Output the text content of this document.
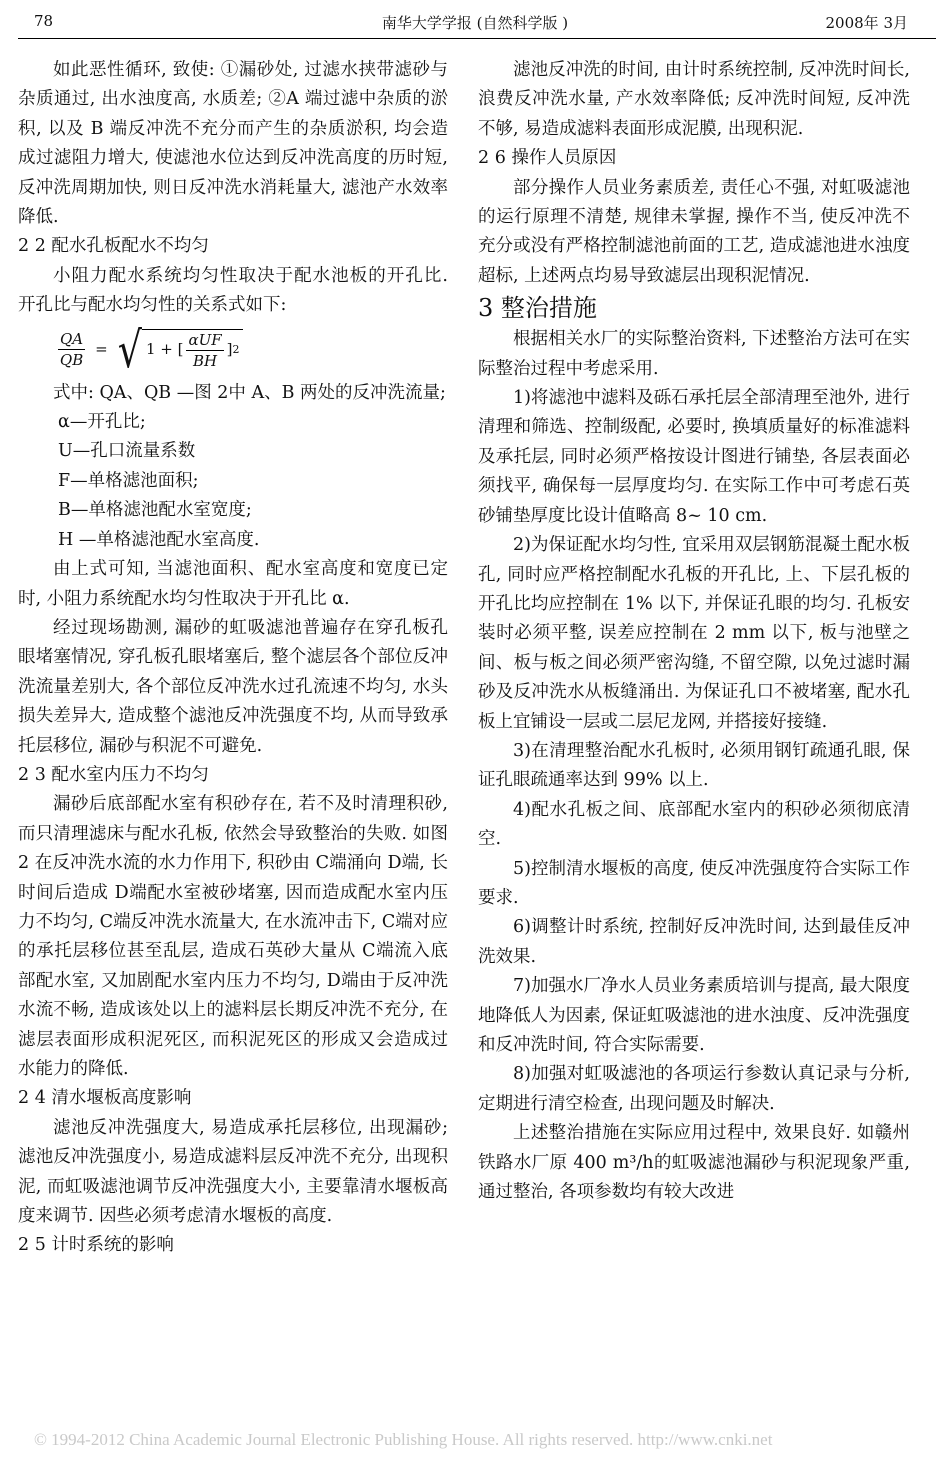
南华大学学报 (自然科学版 )
78	2008年 3月

如此恶性循环, 致使: ①漏砂处, 过滤水挟带滤砂与杂质通过, 出水浊度高, 水质差; ②A 端过滤中杂质的淤积, 以及 B 端反冲洗不充分而产生的杂质淤积, 均会造成过滤阻力增大, 使滤池水位达到反冲洗高度的历时短, 反冲洗周期加快, 则日反冲洗水消耗量大, 滤池产水效率降低.

2 2 配水孔板配水不均匀

小阻力配水系统均匀性取决于配水池板的开孔比. 开孔比与配水均匀性的关系式如下:

$\frac{QA}{QB}$ = √ 1 + [ $\frac{\text{αUF}}{BH}$ ] 2

式中: QA、QB —图 2中 A、B 两处的反冲洗流量;

α—开孔比;

U—孔口流量系数

F—单格滤池面积;

B—单格滤池配水室宽度;

H —单格滤池配水室高度.

由上式可知, 当滤池面积、配水室高度和宽度已定时, 小阻力系统配水均匀性取决于开孔比 α.

经过现场勘测, 漏砂的虹吸滤池普遍存在穿孔板孔眼堵塞情况, 穿孔板孔眼堵塞后, 整个滤层各个部位反冲洗流量差别大, 各个部位反冲洗水过孔流速不均匀, 水头损失差异大, 造成整个滤池反冲洗强度不均, 从而导致承托层移位, 漏砂与积泥不可避免.

2 3 配水室内压力不均匀

漏砂后底部配水室有积砂存在, 若不及时清理积砂, 而只清理滤床与配水孔板, 依然会导致整治的失败. 如图 2 在反冲洗水流的水力作用下, 积砂由 C端涌向 D端, 长时间后造成 D端配水室被砂堵塞, 因而造成配水室内压力不均匀, C端反冲洗水流量大, 在水流冲击下, C端对应的承托层移位甚至乱层, 造成石英砂大量从 C端流入底部配水室, 又加剧配水室内压力不均匀, D端由于反冲洗水流不畅, 造成该处以上的滤料层长期反冲洗不充分, 在滤层表面形成积泥死区, 而积泥死区的形成又会造成过水能力的降低.

2 4 清水堰板高度影响

滤池反冲洗强度大, 易造成承托层移位, 出现漏砂; 滤池反冲洗强度小, 易造成滤料层反冲洗不充分, 出现积泥, 而虹吸滤池调节反冲洗强度大小, 主要靠清水堰板高度来调节. 因些必须考虑清水堰板的高度.

2 5 计时系统的影响

滤池反冲洗的时间, 由计时系统控制, 反冲洗时间长, 浪费反冲洗水量, 产水效率降低; 反冲洗时间短, 反冲洗不够, 易造成滤料表面形成泥膜, 出现积泥.

2 6 操作人员原因

部分操作人员业务素质差, 责任心不强, 对虹吸滤池的运行原理不清楚, 规律未掌握, 操作不当, 使反冲洗不充分或没有严格控制滤池前面的工艺, 造成滤池进水浊度超标, 上述两点均易导致滤层出现积泥情况.

3 整治措施

根据相关水厂的实际整治资料, 下述整治方法可在实际整治过程中考虑采用.

1)将滤池中滤料及砾石承托层全部清理至池外, 进行清理和筛选、控制级配, 必要时, 换填质量好的标准滤料及承托层, 同时必须严格按设计图进行铺垫, 各层表面必须找平, 确保每一层厚度均匀. 在实际工作中可考虑石英砂铺垫厚度比设计值略高 8~ 10 cm.

2)为保证配水均匀性, 宜采用双层钢筋混凝土配水板孔, 同时应严格控制配水孔板的开孔比, 上、下层孔板的开孔比均应控制在 1% 以下, 并保证孔眼的均匀. 孔板安装时必须平整, 误差应控制在 2 mm 以下, 板与池壁之间、板与板之间必须严密沟缝, 不留空隙, 以免过滤时漏砂及反冲洗水从板缝涌出. 为保证孔口不被堵塞, 配水孔板上宜铺设一层或二层尼龙网, 并搭接好接缝.

3)在清理整治配水孔板时, 必须用钢钉疏通孔眼, 保证孔眼疏通率达到 99% 以上.

4)配水孔板之间、底部配水室内的积砂必须彻底清空.

5)控制清水堰板的高度, 使反冲洗强度符合实际工作要求.

6)调整计时系统, 控制好反冲洗时间, 达到最佳反冲洗效果.

7)加强水厂净水人员业务素质培训与提高, 最大限度地降低人为因素, 保证虹吸滤池的进水浊度、反冲洗强度和反冲洗时间, 符合实际需要.

8)加强对虹吸滤池的各项运行参数认真记录与分析, 定期进行清空检查, 出现问题及时解决.

上述整治措施在实际应用过程中, 效果良好. 如赣州铁路水厂原 400 m³/h的虹吸滤池漏砂与积泥现象严重, 通过整治, 各项参数均有较大改进

© 1994-2012 China Academic Journal Electronic Publishing House. All rights reserved. http://www.cnki.net
